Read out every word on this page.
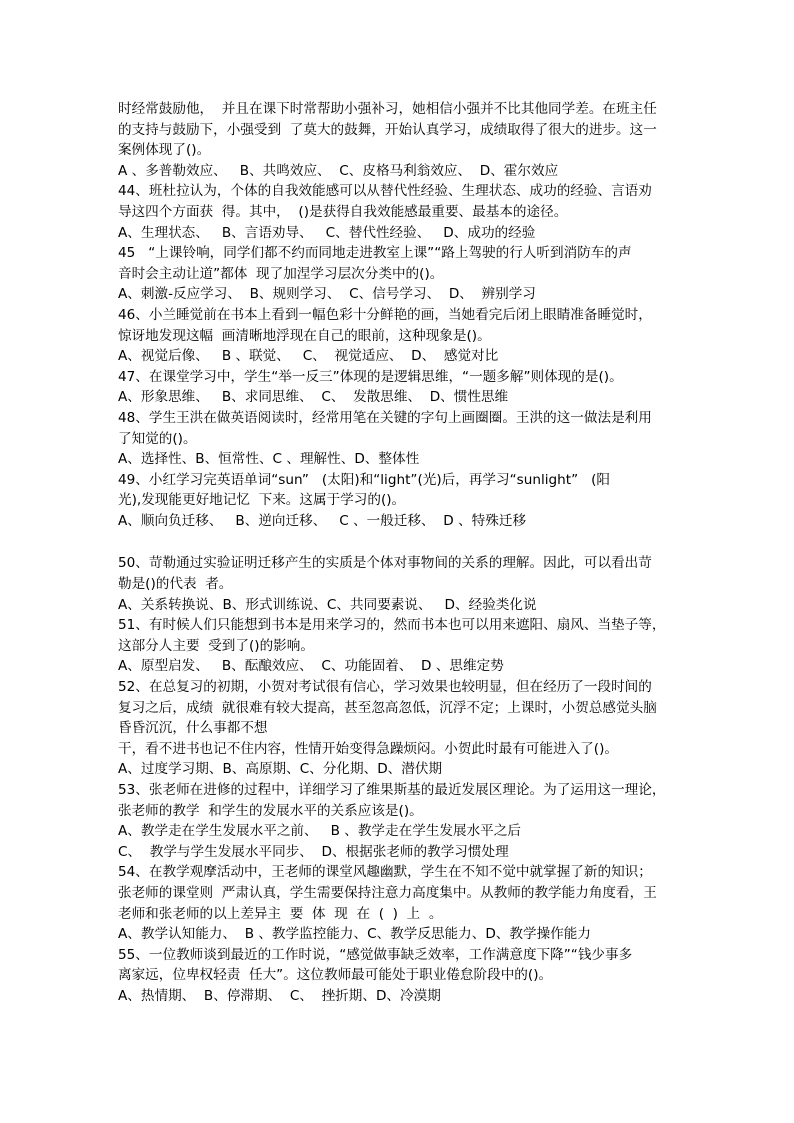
时经常鼓励他，  并且在课下时常帮助小强补习，她相信小强并不比其他同学差。在班主任
的支持与鼓励下，小强受到  了莫大的鼓舞，开始认真学习，成绩取得了很大的进步。这一
案例体现了()。
A 、多普勒效应、   B、共鸣效应、  C、皮格马利翁效应、  D、霍尔效应
44、班杜拉认为，个体的自我效能感可以从替代性经验、生理状态、成功的经验、言语劝
导这四个方面获  得。其中，  ()是获得自我效能感最重要、最基本的途径。
A、生理状态、   B、言语劝导、   C、替代性经验、   D、成功的经验
45   “上课铃响，同学们都不约而同地走进教室上课”“路上驾驶的行人听到消防车的声
音时会主动让道”都体  现了加涅学习层次分类中的()。
A、刺激-反应学习、  B、规则学习、  C、信号学习、  D、  辨别学习
46、小兰睡觉前在书本上看到一幅色彩十分鲜艳的画，当她看完后闭上眼睛准备睡觉时，
惊讶地发现这幅  画清晰地浮现在自己的眼前，这种现象是()。
A、视觉后像、   B 、联觉、   C、  视觉适应、  D、  感觉对比
47、在课堂学习中，学生“举一反三”体现的是逻辑思维，“一题多解”则体现的是()。
A、形象思维、   B、求同思维、  C、  发散思维、  D、惯性思维
48、学生王洪在做英语阅读时，经常用笔在关键的字句上画圈圈。王洪的这一做法是利用
了知觉的()。
A、选择性、B、恒常性、C 、理解性、D、整体性
49、小红学习完英语单词“sun”   (太阳)和“light”(光)后，再学习“sunlight”   (阳
光),发现能更好地记忆  下来。这属于学习的()。
A、顺向负迁移、   B、逆向迁移、   C 、一般迁移、  D 、特殊迁移
50、苛勒通过实验证明迁移产生的实质是个体对事物间的关系的理解。因此，可以看出苛
勒是()的代表  者。
A、关系转换说、B、形式训练说、C、共同要素说、   D、经验类化说
51、有时候人们只能想到书本是用来学习的，然而书本也可以用来遮阳、扇风、当垫子等，
这部分人主要  受到了()的影响。
A、原型启发、   B、酝酿效应、  C、功能固着、  D 、思维定势
52、在总复习的初期，小贺对考试很有信心，学习效果也较明显，但在经历了一段时间的
复习之后，成绩  就很难有较大提高，甚至忽高忽低，沉浮不定；上课时，小贺总感觉头脑
昏昏沉沉，什么事都不想
干，看不进书也记不住内容，性情开始变得急躁烦闷。小贺此时最有可能进入了()。
A、过度学习期、B、高原期、C、分化期、D、潜伏期
53、张老师在进修的过程中，详细学习了维果斯基的最近发展区理论。为了运用这一理论，
张老师的教学  和学生的发展水平的关系应该是()。
A、教学走在学生发展水平之前、   B 、教学走在学生发展水平之后
C、  教学与学生发展水平同步、  D、根据张老师的教学习惯处理
54、在教学观摩活动中，王老师的课堂风趣幽默，学生在不知不觉中就掌握了新的知识；
张老师的课堂则  严肃认真，学生需要保持注意力高度集中。从教师的教学能力角度看，王
老师和张老师的以上差异主  要  体  现  在  (  )  上  。
A、教学认知能力、  B 、教学监控能力、C、教学反思能力、D、教学操作能力
55、一位教师谈到最近的工作时说，“感觉做事缺乏效率，工作满意度下降”“钱少事多
离家远，位卑权轻责  任大”。这位教师最可能处于职业倦怠阶段中的()。
A、热情期、  B、停滞期、  C、  挫折期、D、冷漠期
